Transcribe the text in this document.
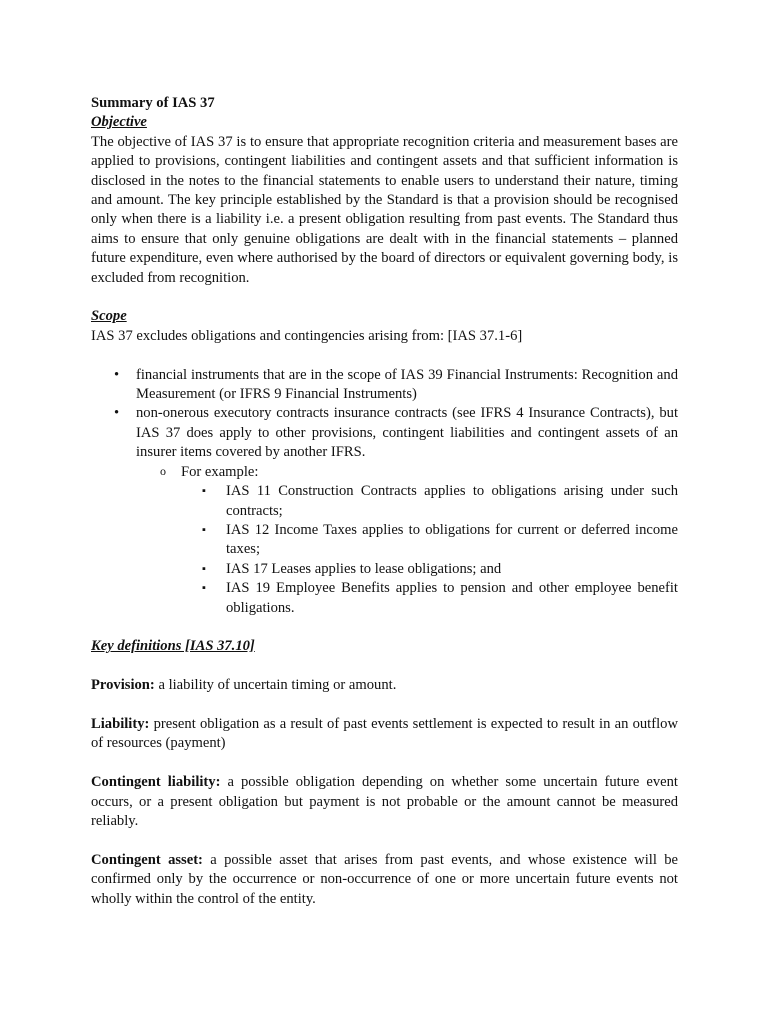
Summary of IAS 37

Objective

The objective of IAS 37 is to ensure that appropriate recognition criteria and measurement bases are applied to provisions, contingent liabilities and contingent assets and that sufficient information is disclosed in the notes to the financial statements to enable users to understand their nature, timing and amount. The key principle established by the Standard is that a provision should be recognised only when there is a liability i.e. a present obligation resulting from past events. The Standard thus aims to ensure that only genuine obligations are dealt with in the financial statements – planned future expenditure, even where authorised by the board of directors or equivalent governing body, is excluded from recognition.

Scope

IAS 37 excludes obligations and contingencies arising from: [IAS 37.1-6]

• financial instruments that are in the scope of IAS 39 Financial Instruments: Recognition and Measurement (or IFRS 9 Financial Instruments)
• non-onerous executory contracts insurance contracts (see IFRS 4 Insurance Contracts), but IAS 37 does apply to other provisions, contingent liabilities and contingent assets of an insurer items covered by another IFRS.
o For example:
▪ IAS 11 Construction Contracts applies to obligations arising under such contracts;
▪ IAS 12 Income Taxes applies to obligations for current or deferred income taxes;
▪ IAS 17 Leases applies to lease obligations; and
▪ IAS 19 Employee Benefits applies to pension and other employee benefit obligations.

Key definitions [IAS 37.10]

Provision: a liability of uncertain timing or amount.

Liability: present obligation as a result of past events settlement is expected to result in an outflow of resources (payment)

Contingent liability: a possible obligation depending on whether some uncertain future event occurs, or a present obligation but payment is not probable or the amount cannot be measured reliably.

Contingent asset: a possible asset that arises from past events, and whose existence will be confirmed only by the occurrence or non-occurrence of one or more uncertain future events not wholly within the control of the entity.
